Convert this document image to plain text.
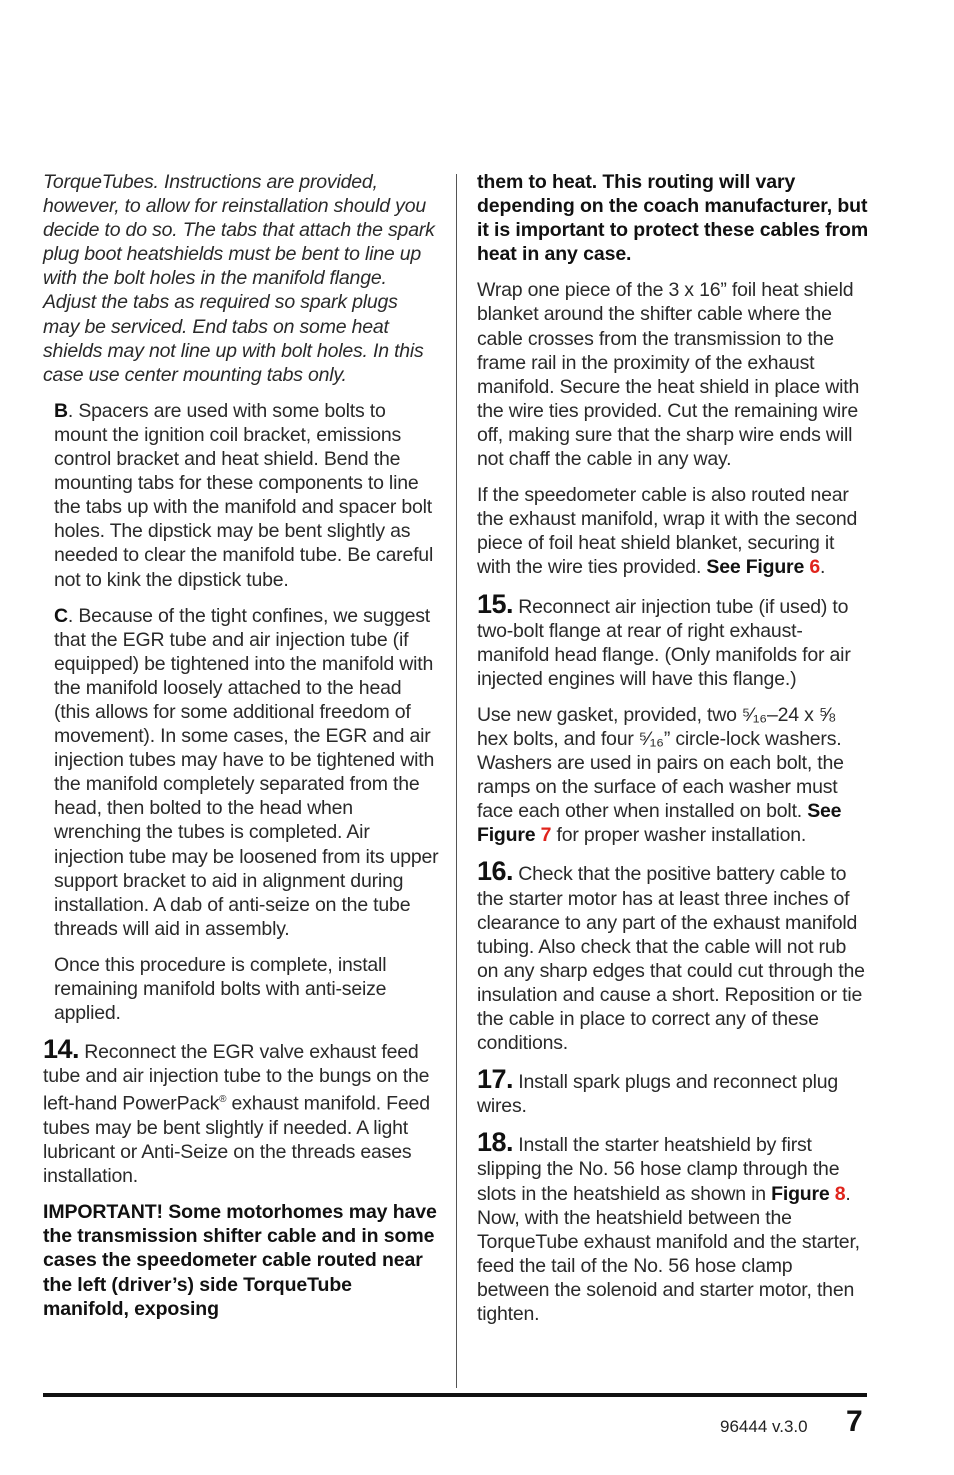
TorqueTubes. Instructions are provided, however, to allow for reinstallation should you decide to do so. The tabs that attach the spark plug boot heatshields must be bent to line up with the bolt holes in the manifold flange. Adjust the tabs as required so spark plugs may be serviced. End tabs on some heat shields may not line up with bolt holes. In this case use center mounting tabs only.

B. Spacers are used with some bolts to mount the ignition coil bracket, emissions control bracket and heat shield. Bend the mounting tabs for these components to line the tabs up with the manifold and spacer bolt holes. The dipstick may be bent slightly as needed to clear the manifold tube. Be careful not to kink the dipstick tube.

C. Because of the tight confines, we suggest that the EGR tube and air injection tube (if equipped) be tightened into the manifold with the manifold loosely attached to the head (this allows for some additional freedom of movement). In some cases, the EGR and air injection tubes may have to be tightened with the manifold completely separated from the head, then bolted to the head when wrenching the tubes is completed. Air injection tube may be loosened from its upper support bracket to aid in alignment during installation. A dab of anti-seize on the tube threads will aid in assembly.

Once this procedure is complete, install remaining manifold bolts with anti-seize applied.

14. Reconnect the EGR valve exhaust feed tube and air injection tube to the bungs on the left-hand PowerPack® exhaust manifold. Feed tubes may be bent slightly if needed. A light lubricant or Anti-Seize on the threads eases installation.

IMPORTANT! Some motorhomes may have the transmission shifter cable and in some cases the speedometer cable routed near the left (driver’s) side TorqueTube manifold, exposing

them to heat. This routing will vary depending on the coach manufacturer, but it is important to protect these cables from heat in any case.

Wrap one piece of the 3 x 16” foil heat shield blanket around the shifter cable where the cable crosses from the transmission to the frame rail in the proximity of the exhaust manifold. Secure the heat shield in place with the wire ties provided. Cut the remaining wire off, making sure that the sharp wire ends will not chaff the cable in any way.

If the speedometer cable is also routed near the exhaust manifold, wrap it with the second piece of foil heat shield blanket, securing it with the wire ties provided. See Figure 6.

15. Reconnect air injection tube (if used) to two-bolt flange at rear of right exhaust-manifold head flange. (Only manifolds for air injected engines will have this flange.)

Use new gasket, provided, two ⁵⁄₁₆–24 x ⅝ hex bolts, and four ⁵⁄₁₆” circle-lock washers. Washers are used in pairs on each bolt, the ramps on the surface of each washer must face each other when installed on bolt. See Figure 7 for proper washer installation.

16. Check that the positive battery cable to the starter motor has at least three inches of clearance to any part of the exhaust manifold tubing. Also check that the cable will not rub on any sharp edges that could cut through the insulation and cause a short. Reposition or tie the cable in place to correct any of these conditions.

17. Install spark plugs and reconnect plug wires.

18. Install the starter heatshield by first slipping the No. 56 hose clamp through the slots in the heatshield as shown in Figure 8. Now, with the heatshield between the TorqueTube exhaust manifold and the starter, feed the tail of the No. 56 hose clamp between the solenoid and starter motor, then tighten.

96444 v.3.0 7
